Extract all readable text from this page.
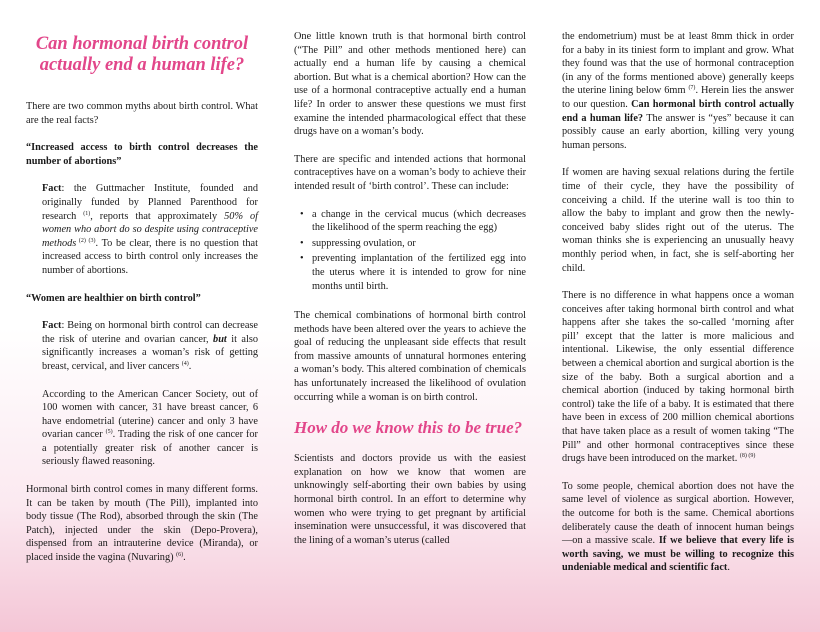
Can hormonal birth control actually end a human life?

There are two common myths about birth control. What are the real facts?

“Increased access to birth control decreases the number of abortions”

Fact: the Guttmacher Institute, founded and originally funded by Planned Parenthood for research $^{(1)}$, reports that approximately 50% of women who abort do so despite using contraceptive methods $^{(2) (3)}$. To be clear, there is no question that increased access to birth control only increases the number of abortions.

“Women are healthier on birth control”

Fact: Being on hormonal birth control can decrease the risk of uterine and ovarian cancer, but it also significantly increases a woman’s risk of getting breast, cervical, and liver cancers $^{(4)}$.

According to the American Cancer Society, out of 100 women with cancer, 31 have breast cancer, 6 have endometrial (uterine) cancer and only 3 have ovarian cancer $^{(5)}$. Trading the risk of one cancer for a potentially greater risk of another cancer is seriously flawed reasoning.

Hormonal birth control comes in many different forms. It can be taken by mouth (The Pill), implanted into body tissue (The Rod), absorbed through the skin (The Patch), injected under the skin (Depo-Provera), dispensed from an intrauterine device (Miranda), or placed inside the vagina (Nuvaring) $^{(6)}$.

One little known truth is that hormonal birth control (“The Pill” and other methods mentioned here) can actually end a human life by causing a chemical abortion. But what is a chemical abortion? How can the use of a hormonal contraceptive actually end a human life? In order to answer these questions we must first examine the intended pharmacological effect that these drugs have on a woman’s body.

There are specific and intended actions that hormonal contraceptives have on a woman’s body to achieve their intended result of ‘birth control’. These can include:

• a change in the cervical mucus (which decreases the likelihood of the sperm reaching the egg)
• suppressing ovulation, or
• preventing implantation of the fertilized egg into the uterus where it is intended to grow for nine months until birth.

The chemical combinations of hormonal birth control methods have been altered over the years to achieve the goal of reducing the unpleasant side effects that result from massive amounts of unnatural hormones entering a woman’s body. This altered combination of chemicals has unfortunately increased the likelihood of ovulation occurring while a woman is on birth control.

How do we know this to be true?

Scientists and doctors provide us with the easiest explanation on how we know that women are unknowingly self-aborting their own babies by using hormonal birth control. In an effort to determine why women who were trying to get pregnant by artificial insemination were unsuccessful, it was discovered that the lining of a woman’s uterus (called

the endometrium) must be at least 8mm thick in order for a baby in its tiniest form to implant and grow. What they found was that the use of hormonal contraception (in any of the forms mentioned above) generally keeps the uterine lining below 6mm $^{(7)}$. Herein lies the answer to our question. Can hormonal birth control actually end a human life? The answer is “yes” because it can possibly cause an early abortion, killing very young human persons.

If women are having sexual relations during the fertile time of their cycle, they have the possibility of conceiving a child. If the uterine wall is too thin to allow the baby to implant and grow then the newly-conceived baby slides right out of the uterus. The woman thinks she is experiencing an unusually heavy monthly period when, in fact, she is self-aborting her child.

There is no difference in what happens once a woman conceives after taking hormonal birth control and what happens after she takes the so-called ‘morning after pill’ except that the latter is more malicious and intentional. Likewise, the only essential difference between a chemical abortion and surgical abortion is the size of the baby. Both a surgical abortion and a chemical abortion (induced by taking hormonal birth control) take the life of a baby. It is estimated that there have been in excess of 200 million chemical abortions that have taken place as a result of women taking “The Pill” and other hormonal contraceptives since these drugs have been introduced on the market. $^{(8) (9)}$

To some people, chemical abortion does not have the same level of violence as surgical abortion. However, the outcome for both is the same. Chemical abortions deliberately cause the death of innocent human beings—on a massive scale. If we believe that every life is worth saving, we must be willing to recognize this undeniable medical and scientific fact.
